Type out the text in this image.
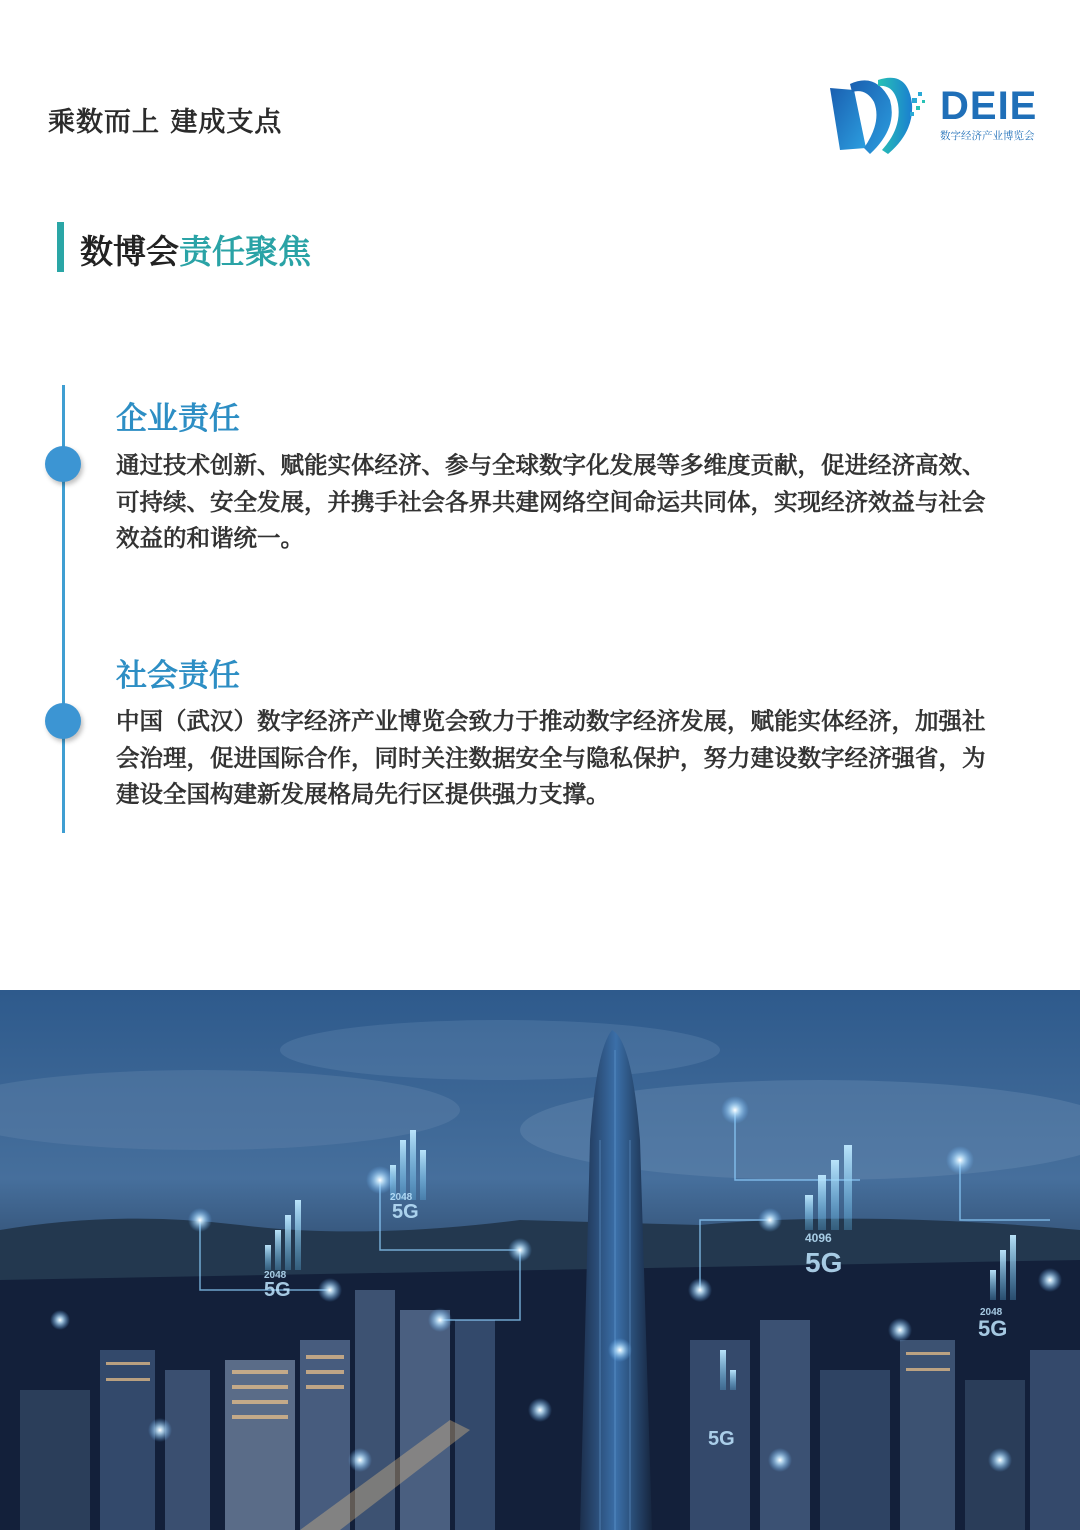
乘数而上 建成支点	DEIE
数字经济产业博览会
数博会责任聚焦
企业责任
通过技术创新、赋能实体经济、参与全球数字化发展等多维度贡献，促进经济高效、可持续、安全发展，并携手社会各界共建网络空间命运共同体，实现经济效益与社会效益的和谐统一。
社会责任
中国（武汉）数字经济产业博览会致力于推动数字经济发展，赋能实体经济，加强社会治理，促进国际合作，同时关注数据安全与隐私保护，努力建设数字经济强省，为建设全国构建新发展格局先行区提供强力支撑。
5G
5G
5G
5G
5G
2048
2048
4096
2048
